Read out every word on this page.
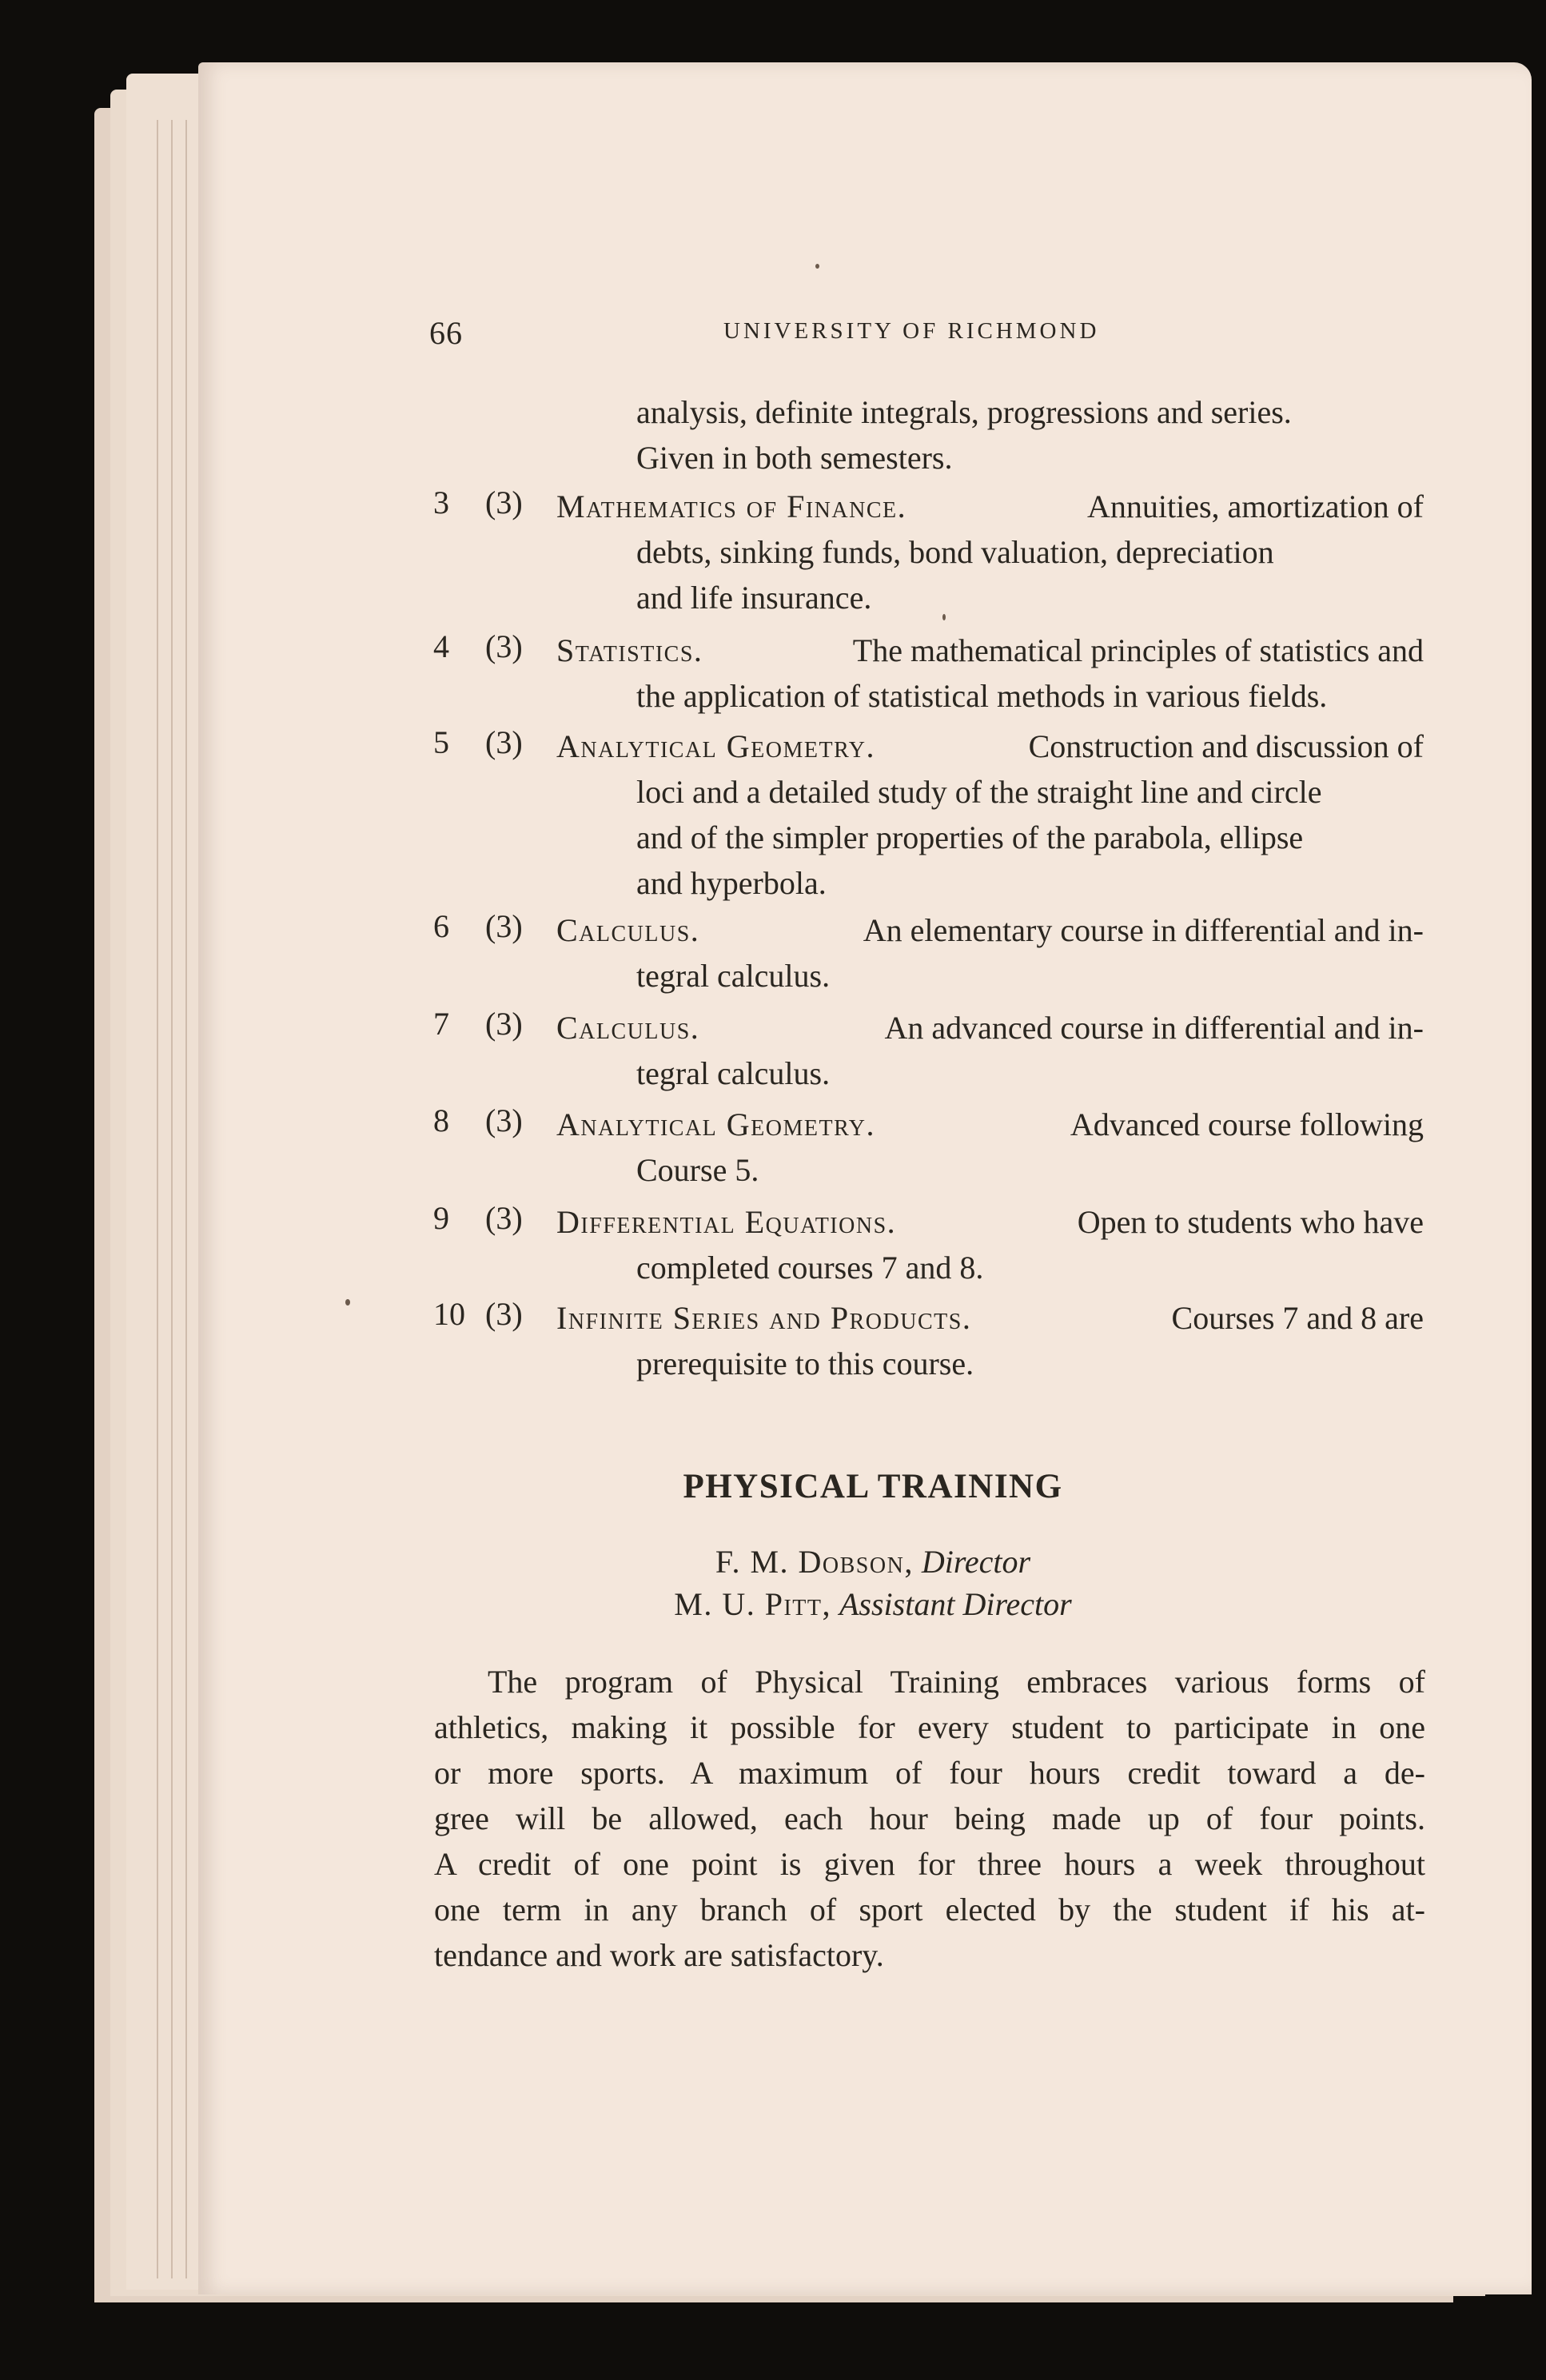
66	UNIVERSITY OF RICHMOND
analysis, definite integrals, progressions and series.
Given in both semesters.
3 (3) Mathematics of Finance.	Annuities, amortization of
debts, sinking funds, bond valuation, depreciation
and life insurance.
4 (3) Statistics.	The mathematical principles of statistics and
the application of statistical methods in various fields.
5 (3) Analytical Geometry.	Construction and discussion of
loci and a detailed study of the straight line and circle
and of the simpler properties of the parabola, ellipse
and hyperbola.
6 (3) Calculus.	An elementary course in differential and in-
tegral calculus.
7 (3) Calculus.	An advanced course in differential and in-
tegral calculus.
8 (3) Analytical Geometry.	Advanced course following
Course 5.
9 (3) Differential Equations.	Open to students who have
completed courses 7 and 8.
10 (3) Infinite Series and Products.	Courses 7 and 8 are
prerequisite to this course.
PHYSICAL TRAINING
F. M. Dobson, Director
M. U. Pitt, Assistant Director
The program of Physical Training embraces various forms of
athletics, making it possible for every student to participate in one
or more sports. A maximum of four hours credit toward a de-
gree will be allowed, each hour being made up of four points.
A credit of one point is given for three hours a week throughout
one term in any branch of sport elected by the student if his at-
tendance and work are satisfactory.
